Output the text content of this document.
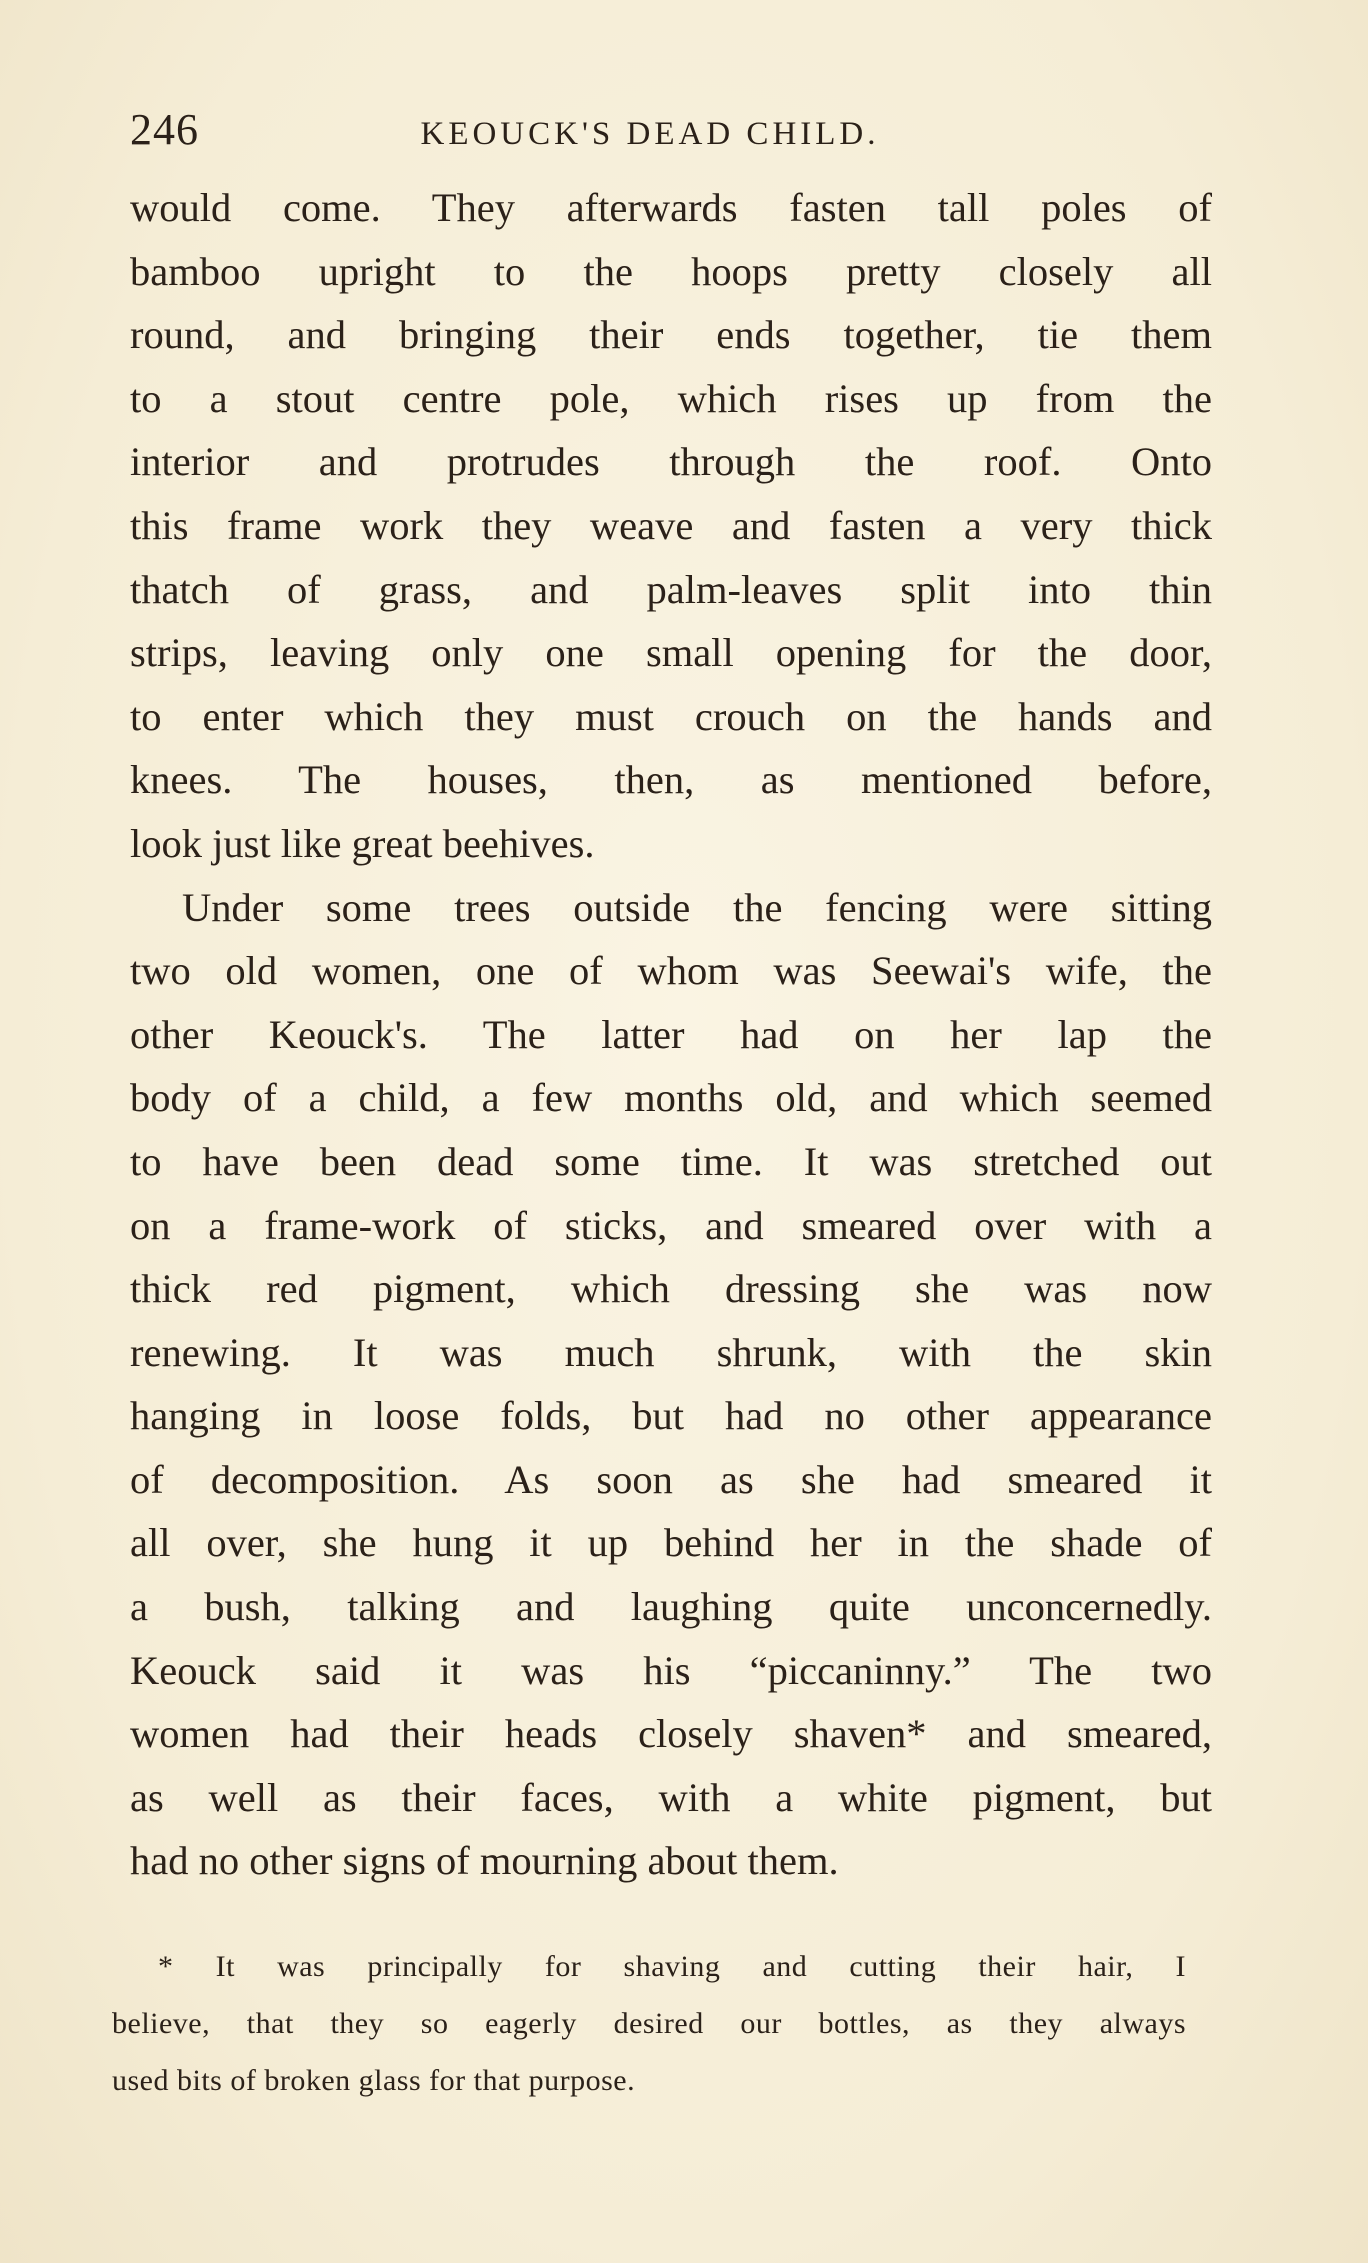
246	KEOUCK'S DEAD CHILD.
would come. They afterwards fasten tall poles of
bamboo upright to the hoops pretty closely all
round, and bringing their ends together, tie them
to a stout centre pole, which rises up from the
interior and protrudes through the roof. Onto
this frame work they weave and fasten a very thick
thatch of grass, and palm-leaves split into thin
strips, leaving only one small opening for the door,
to enter which they must crouch on the hands and
knees. The houses, then, as mentioned before,
look just like great beehives.
Under some trees outside the fencing were sitting
two old women, one of whom was Seewai's wife, the
other Keouck's. The latter had on her lap the
body of a child, a few months old, and which seemed
to have been dead some time. It was stretched out
on a frame-work of sticks, and smeared over with a
thick red pigment, which dressing she was now
renewing. It was much shrunk, with the skin
hanging in loose folds, but had no other appearance
of decomposition. As soon as she had smeared it
all over, she hung it up behind her in the shade of
a bush, talking and laughing quite unconcernedly.
Keouck said it was his “piccaninny.” The two
women had their heads closely shaven* and smeared,
as well as their faces, with a white pigment, but
had no other signs of mourning about them.
* It was principally for shaving and cutting their hair, I
believe, that they so eagerly desired our bottles, as they always
used bits of broken glass for that purpose.
